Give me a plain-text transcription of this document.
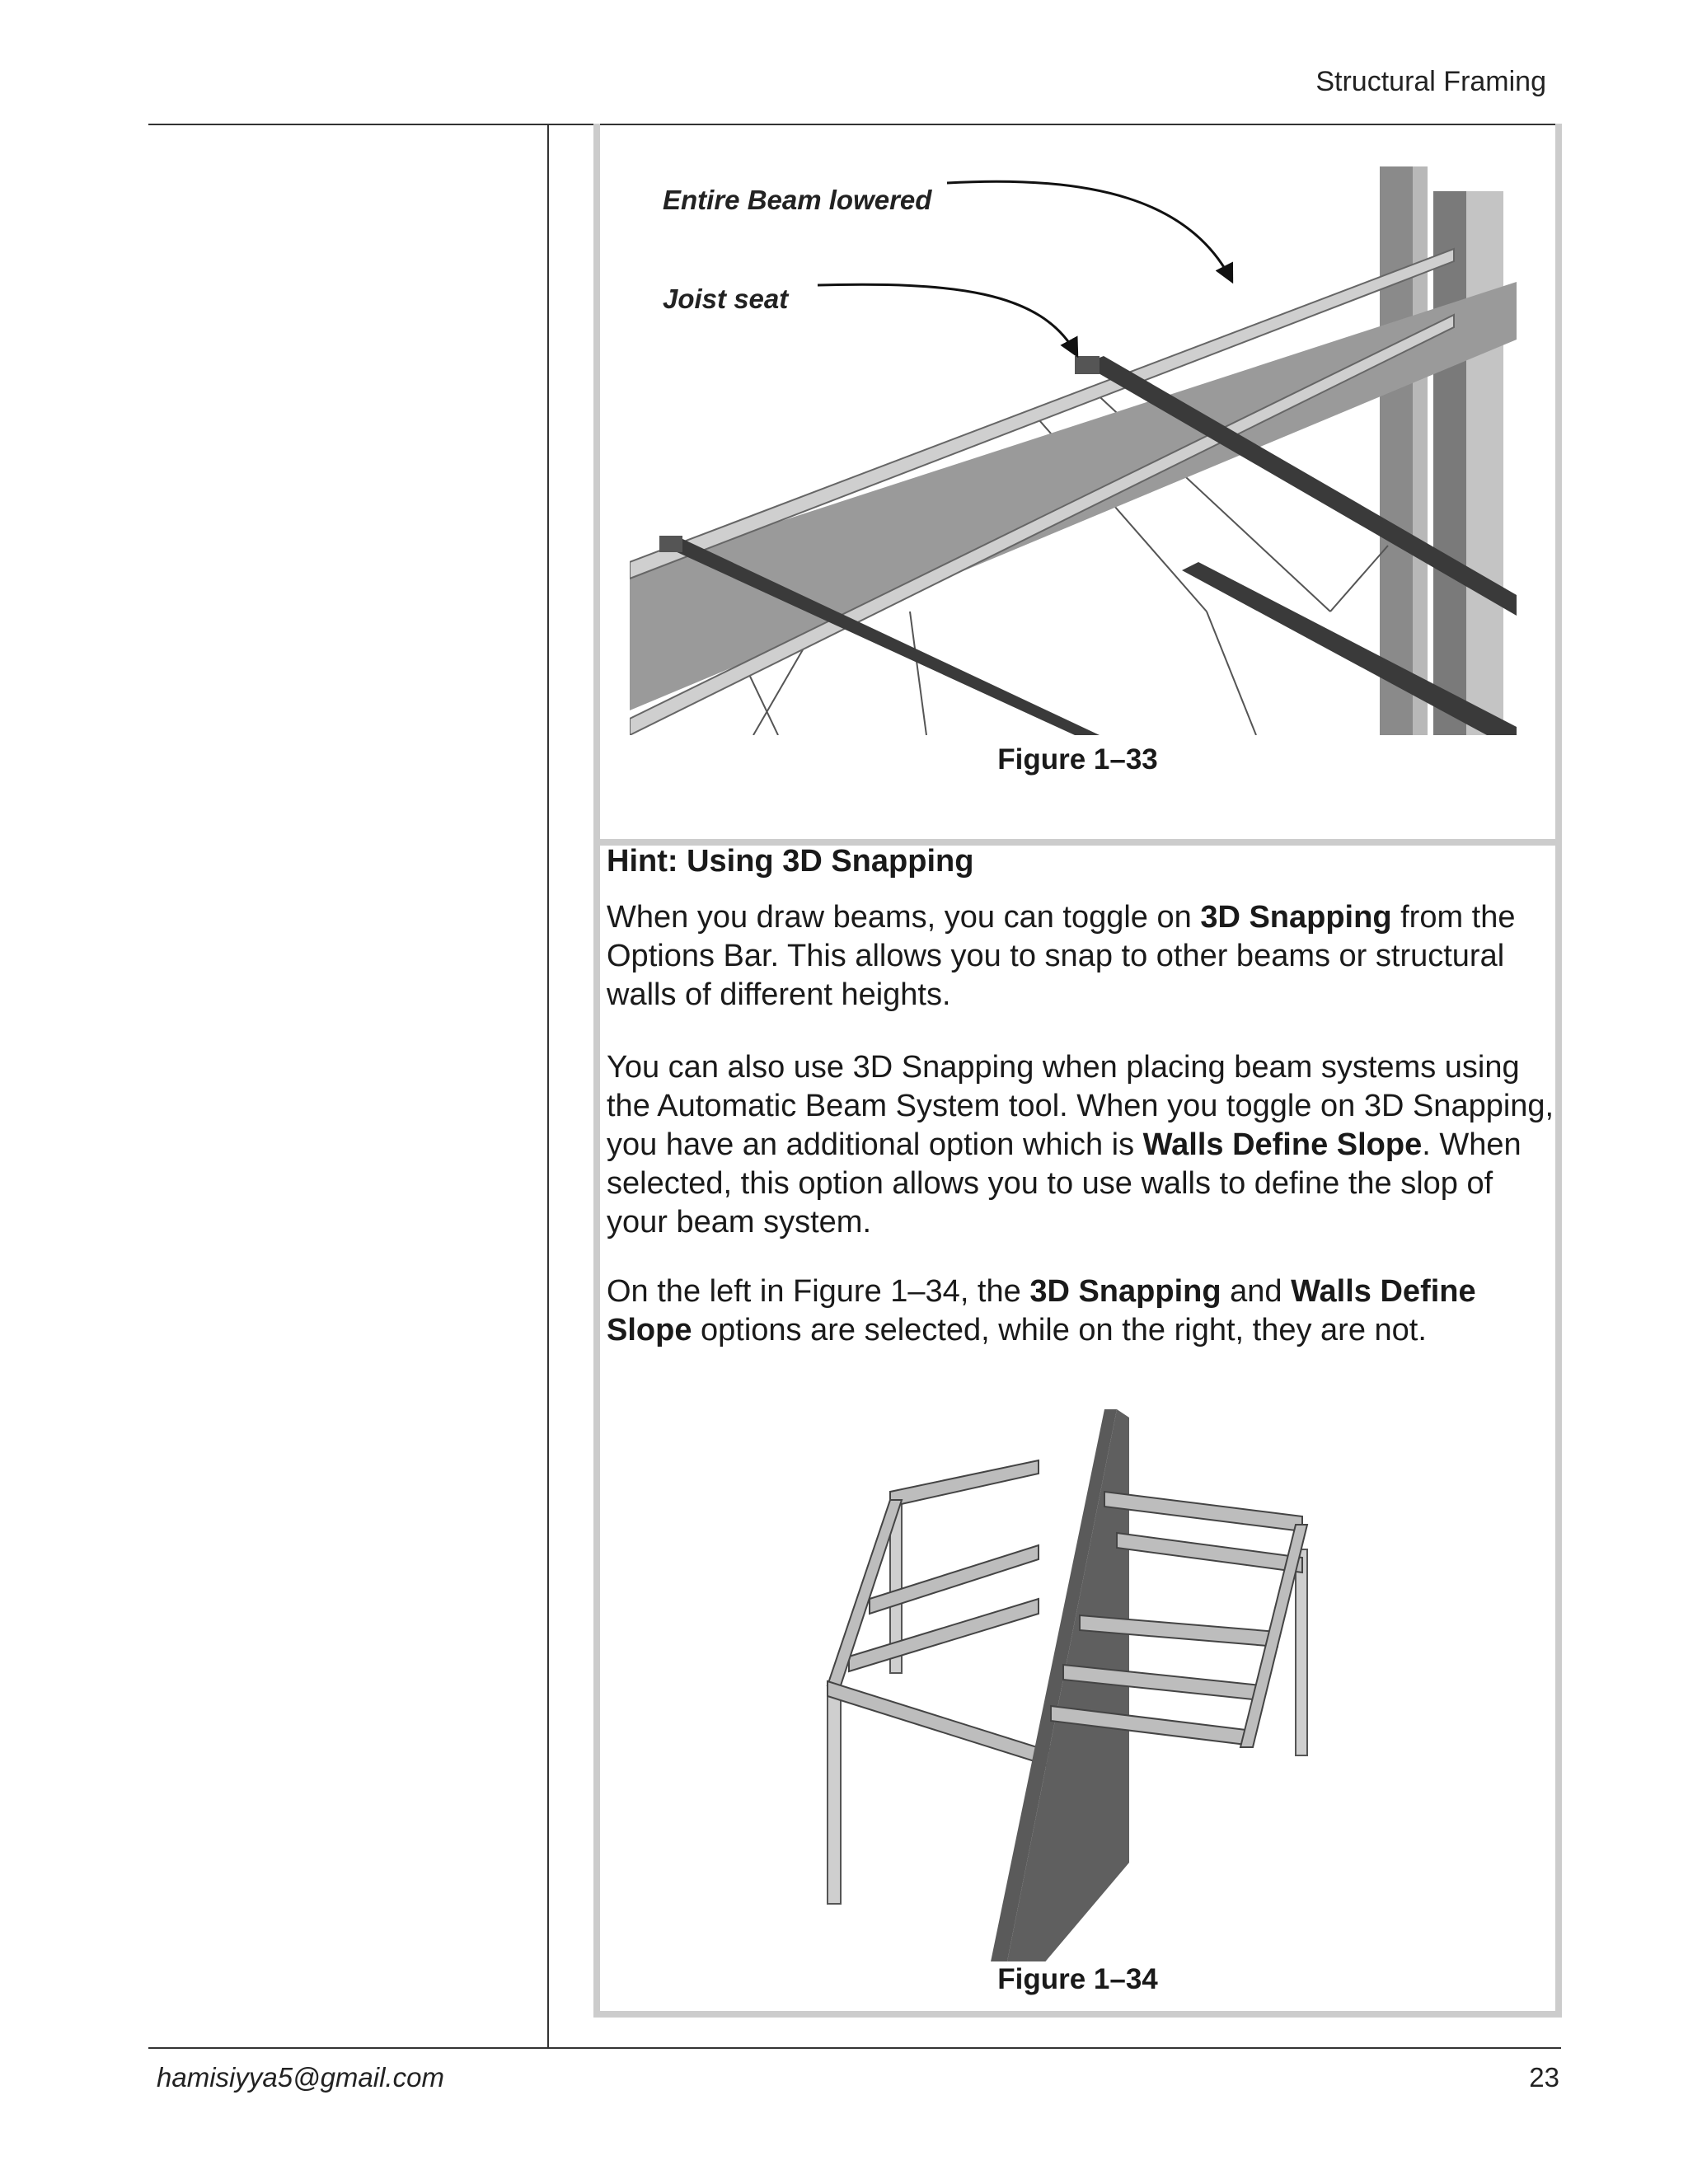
Structural Framing
Entire Beam lowered
Joist seat
Figure 1–33
Hint: Using 3D Snapping

When you draw beams, you can toggle on 3D Snapping from the Options Bar. This allows you to snap to other beams or structural walls of different heights.

You can also use 3D Snapping when placing beam systems using the Automatic Beam System tool. When you toggle on 3D Snapping, you have an additional option which is Walls Define Slope. When selected, this option allows you to use walls to define the slop of your beam system.

On the left in Figure 1–34, the 3D Snapping and Walls Define Slope options are selected, while on the right, they are not.

Figure 1–34
hamisiyya5@gmail.com	23
